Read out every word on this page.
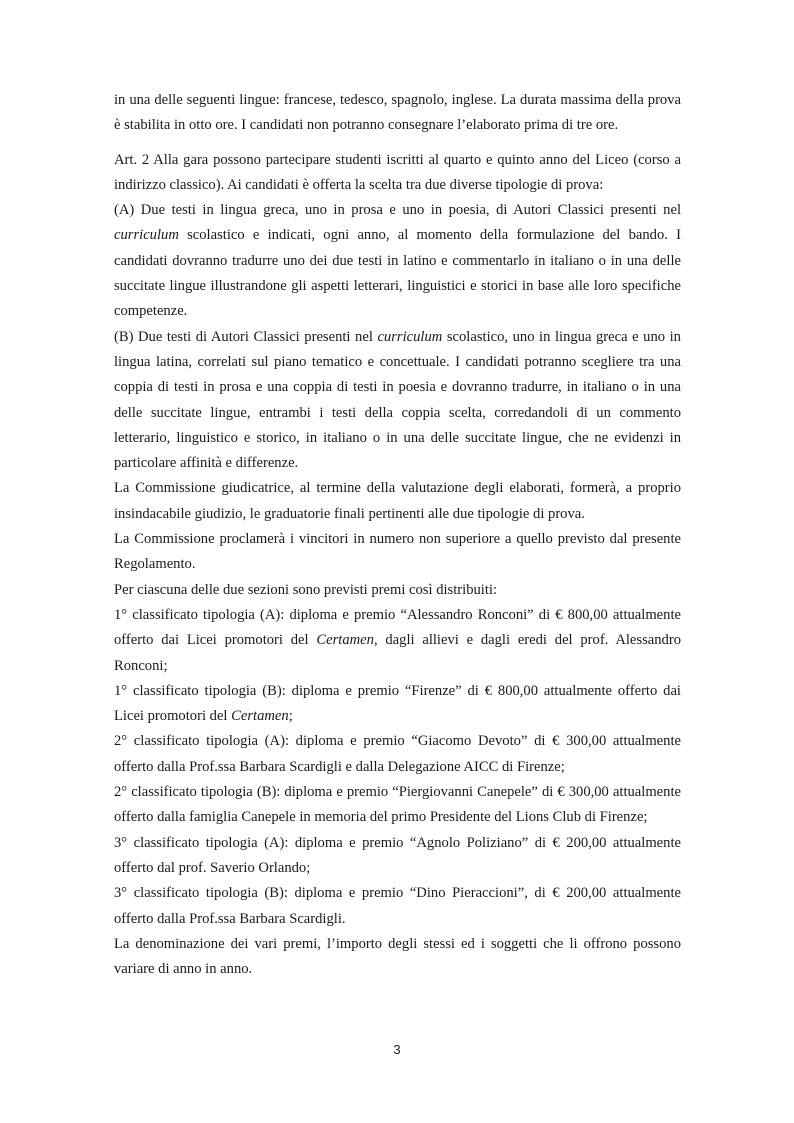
in una delle seguenti lingue: francese, tedesco, spagnolo, inglese. La durata massima della prova è stabilita in otto ore. I candidati non potranno consegnare l’elaborato prima di tre ore.

Art. 2 Alla gara possono partecipare studenti iscritti al quarto e quinto anno del Liceo (corso a indirizzo classico). Ai candidati è offerta la scelta tra due diverse tipologie di prova:

(A) Due testi in lingua greca, uno in prosa e uno in poesia, di Autori Classici presenti nel curriculum scolastico e indicati, ogni anno, al momento della formulazione del bando. I candidati dovranno tradurre uno dei due testi in latino e commentarlo in italiano o in una delle succitate lingue illustrandone gli aspetti letterari, linguistici e storici in base alle loro specifiche competenze.

(B) Due testi di Autori Classici presenti nel curriculum scolastico, uno in lingua greca e uno in lingua latina, correlati sul piano tematico e concettuale. I candidati potranno scegliere tra una coppia di testi in prosa e una coppia di testi in poesia e dovranno tradurre, in italiano o in una delle succitate lingue, entrambi i testi della coppia scelta, corredandoli di un commento letterario, linguistico e storico, in italiano o in una delle succitate lingue, che ne evidenzi in particolare affinità e differenze.

La Commissione giudicatrice, al termine della valutazione degli elaborati, formerà, a proprio insindacabile giudizio, le graduatorie finali pertinenti alle due tipologie di prova.

La Commissione proclamerà i vincitori in numero non superiore a quello previsto dal presente Regolamento.

Per ciascuna delle due sezioni sono previsti premi così distribuiti:

1° classificato tipologia (A): diploma e premio “Alessandro Ronconi” di € 800,00 attualmente offerto dai Licei promotori del Certamen, dagli allievi e dagli eredi del prof. Alessandro Ronconi;

1° classificato tipologia (B): diploma e premio “Firenze” di € 800,00 attualmente offerto dai Licei promotori del Certamen;

2° classificato tipologia (A): diploma e premio “Giacomo Devoto” di € 300,00 attualmente offerto dalla Prof.ssa Barbara Scardigli e dalla Delegazione AICC di Firenze;

2° classificato tipologia (B): diploma e premio “Piergiovanni Canepele” di € 300,00 attualmente offerto dalla famiglia Canepele in memoria del primo Presidente del Lions Club di Firenze;

3° classificato tipologia (A): diploma e premio “Agnolo Poliziano” di € 200,00 attualmente offerto dal prof. Saverio Orlando;

3° classificato tipologia (B): diploma e premio “Dino Pieraccioni”, di € 200,00 attualmente offerto dalla Prof.ssa Barbara Scardigli.

La denominazione dei vari premi, l’importo degli stessi ed i soggetti che li offrono possono variare di anno in anno.

3
